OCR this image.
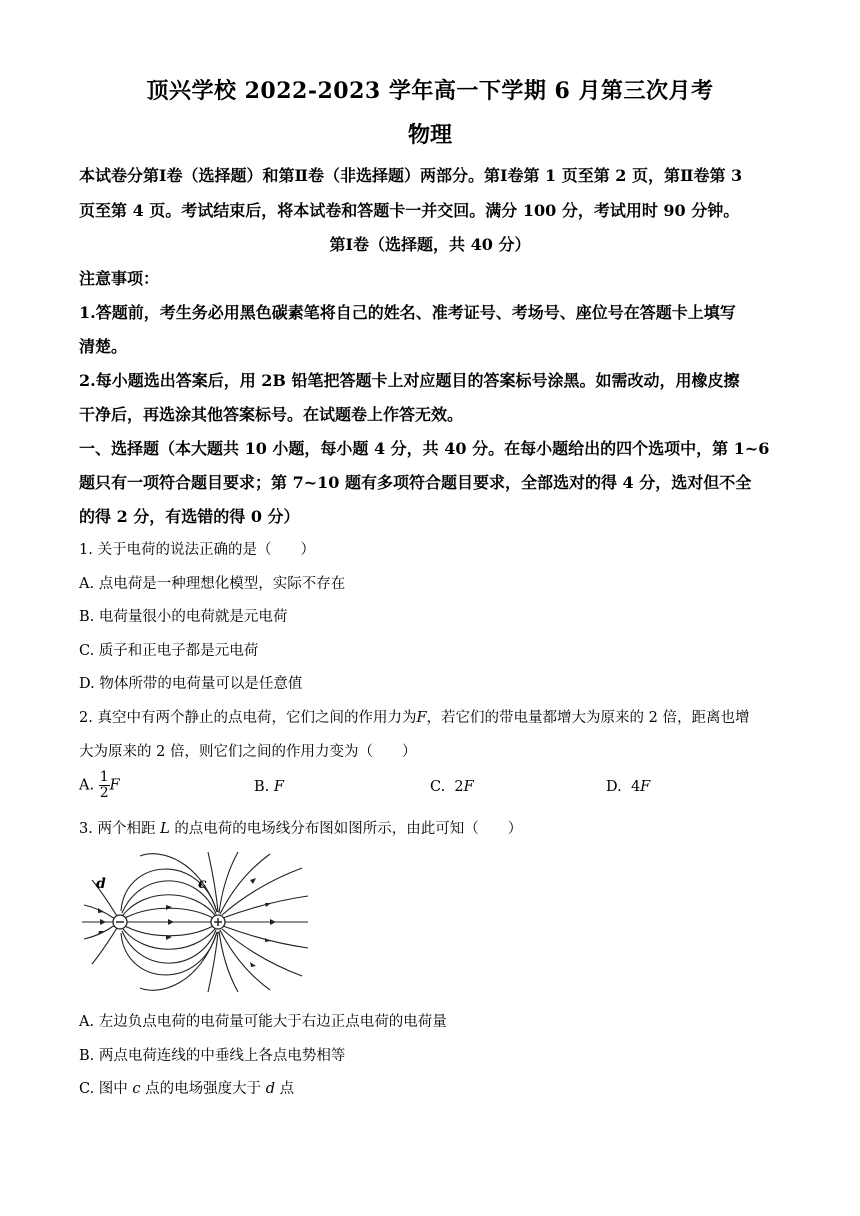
顶兴学校 2022-2023 学年高一下学期 6 月第三次月考
物理
本试卷分第Ⅰ卷（选择题）和第Ⅱ卷（非选择题）两部分。第Ⅰ卷第 1 页至第 2 页，第Ⅱ卷第 3
页至第 4 页。考试结束后，将本试卷和答题卡一并交回。满分 100 分，考试用时 90 分钟。
第Ⅰ卷（选择题，共 40 分）
注意事项：
1.答题前，考生务必用黑色碳素笔将自己的姓名、准考证号、考场号、座位号在答题卡上填写
清楚。
2.每小题选出答案后，用 2B 铅笔把答题卡上对应题目的答案标号涂黑。如需改动，用橡皮擦
干净后，再选涂其他答案标号。在试题卷上作答无效。
一、选择题（本大题共 10 小题，每小题 4 分，共 40 分。在每小题给出的四个选项中，第 1~6
题只有一项符合题目要求；第 7~10 题有多项符合题目要求，全部选对的得 4 分，选对但不全
的得 2 分，有选错的得 0 分）
1. 关于电荷的说法正确的是（　　）
A. 点电荷是一种理想化模型，实际不存在
B. 电荷量很小的电荷就是元电荷
C. 质子和正电子都是元电荷
D. 物体所带的电荷量可以是任意值
2. 真空中有两个静止的点电荷，它们之间的作用力为F，若它们的带电量都增大为原来的 2 倍，距离也增
大为原来的 2 倍，则它们之间的作用力变为（　　）
A. $\frac{1}{2}$ F	B. F	C. 2F	D. 4F
3. 两个相距 L 的点电荷的电场线分布图如图所示，由此可知（　　）
d	c
A. 左边负点电荷的电荷量可能大于右边正点电荷的电荷量
B. 两点电荷连线的中垂线上各点电势相等
C. 图中 c 点的电场强度大于 d 点
